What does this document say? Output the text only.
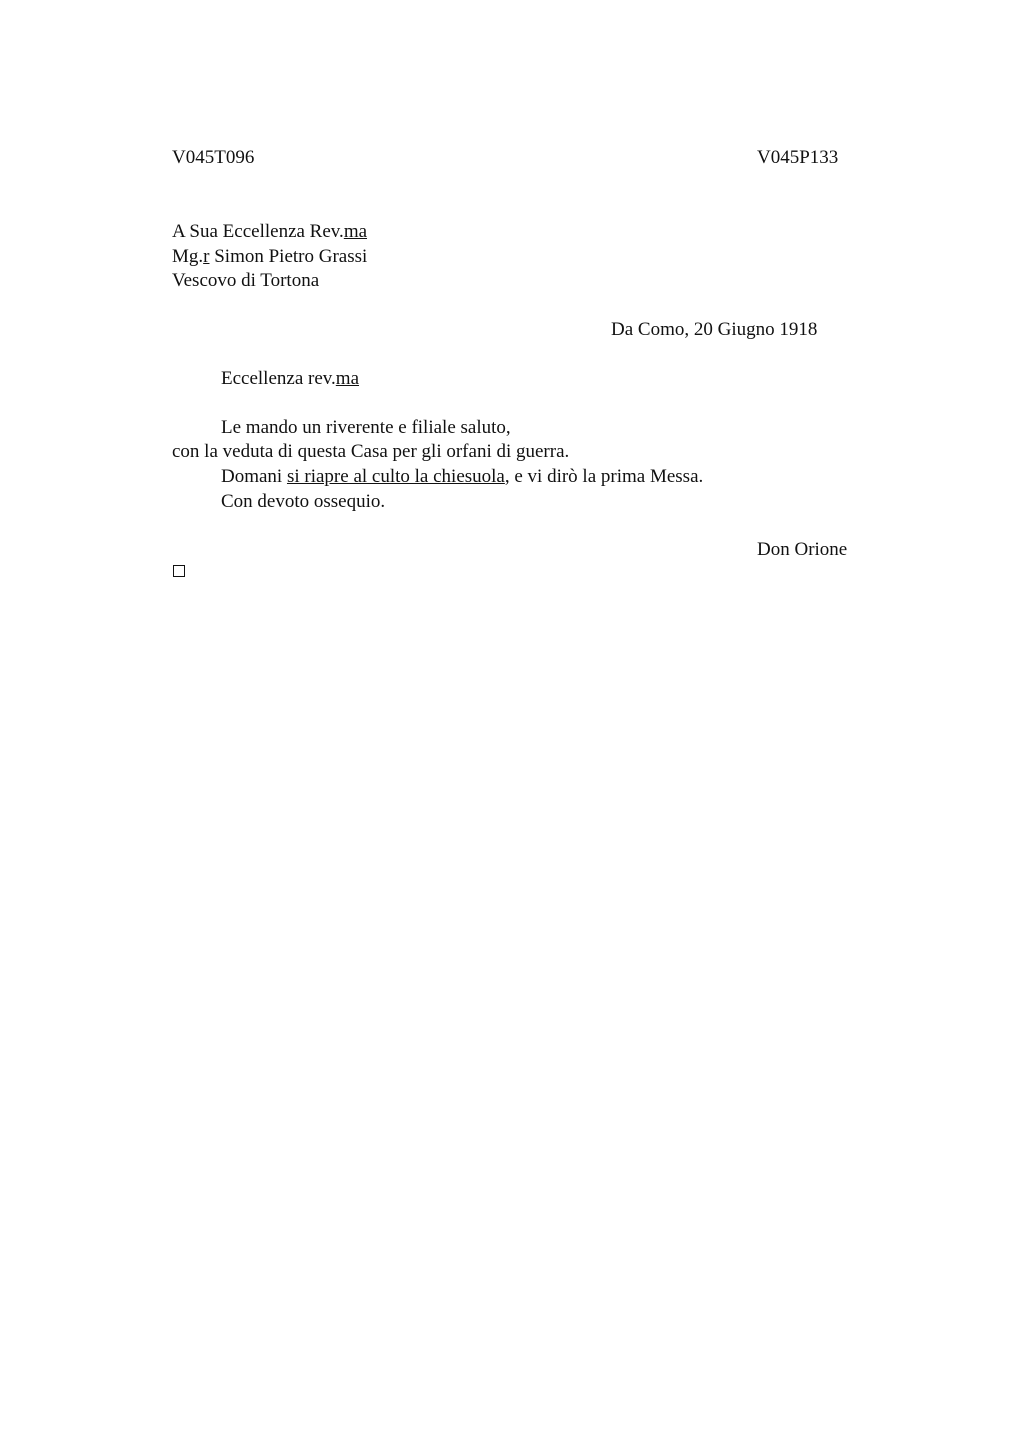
V045T096	V045P133
A Sua Eccellenza Rev.ma
Mg.r Simon Pietro Grassi
Vescovo di Tortona
Da Como, 20 Giugno 1918
Eccellenza rev.ma
Le mando un riverente e filiale saluto,
con la veduta di questa Casa per gli orfani di guerra.
Domani si riapre al culto la chiesuola, e vi dirò la prima Messa.
Con devoto ossequio.
Don Orione
